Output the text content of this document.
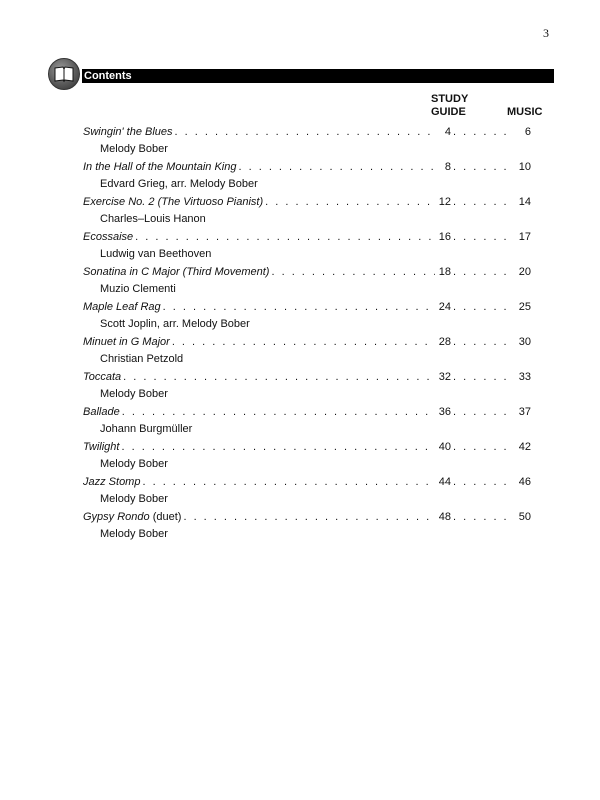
3
Contents
STUDY
GUIDE	MUSIC
Swingin' the Blues . . .	4 . . .	6
Melody Bober
In the Hall of the Mountain King . . .	8 . . .	10
Edvard Grieg, arr. Melody Bober
Exercise No. 2 (The Virtuoso Pianist) . . .	12 . . .	14
Charles–Louis Hanon
Ecossaise . . .	16 . . .	17
Ludwig van Beethoven
Sonatina in C Major (Third Movement) . . .	18 . . .	20
Muzio Clementi
Maple Leaf Rag . . .	24 . . .	25
Scott Joplin, arr. Melody Bober
Minuet in G Major . . .	28 . . .	30
Christian Petzold
Toccata . . .	32 . . .	33
Melody Bober
Ballade . . .	36 . . .	37
Johann Burgmüller
Twilight . . .	40 . . .	42
Melody Bober
Jazz Stomp . . .	44 . . .	46
Melody Bober
Gypsy Rondo (duet) . . .	48 . . .	50
Melody Bober
